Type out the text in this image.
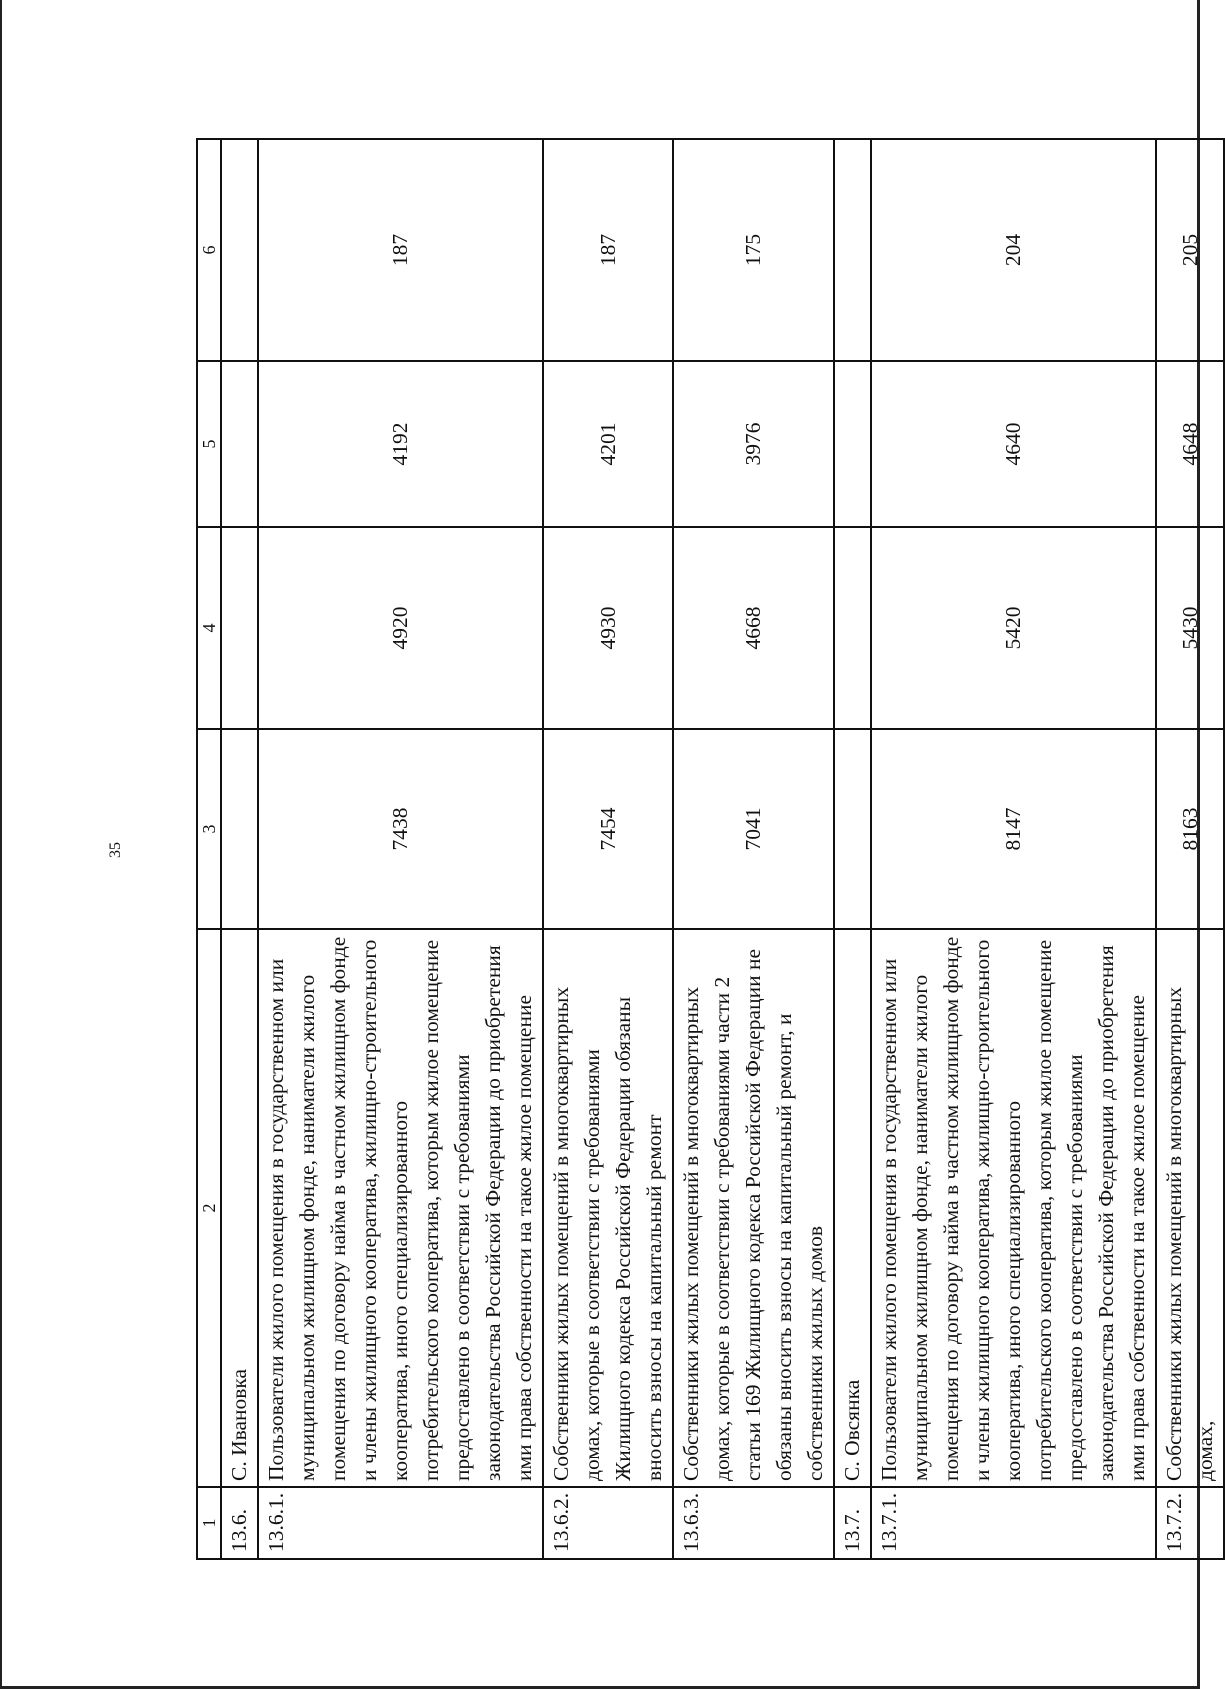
35
1	2	3	4	5	6
13.6.	С. Ивановка				
13.6.1.	Пользователи жилого помещения в государственном или муниципальном жилищном фонде, наниматели жилого помещения по договору найма в частном жилищном фонде и члены жилищного кооператива, жилищно-строительного кооператива, иного специализированного потребительского кооператива, которым жилое помещение предоставлено в соответствии с требованиями законодательства Российской Федерации до приобретения ими права собственности на такое жилое помещение	7438	4920	4192	187
13.6.2.	Собственники жилых помещений в многоквартирных домах, которые в соответствии с требованиями Жилищного кодекса Российской Федерации обязаны вносить взносы на капитальный ремонт	7454	4930	4201	187
13.6.3.	Собственники жилых помещений в многоквартирных домах, которые в соответствии с требованиями части 2 статьи 169 Жилищного кодекса Российской Федерации не обязаны вносить взносы на капитальный ремонт, и собственники жилых домов	7041	4668	3976	175
13.7.	С. Овсянка				
13.7.1.	Пользователи жилого помещения в государственном или муниципальном жилищном фонде, наниматели жилого помещения по договору найма в частном жилищном фонде и члены жилищного кооператива, жилищно-строительного кооператива, иного специализированного потребительского кооператива, которым жилое помещение предоставлено в соответствии с требованиями законодательства Российской Федерации до приобретения ими права собственности на такое жилое помещение	8147	5420	4640	204
13.7.2.	Собственники жилых помещений в многоквартирных домах,	8163	5430	4648	205
